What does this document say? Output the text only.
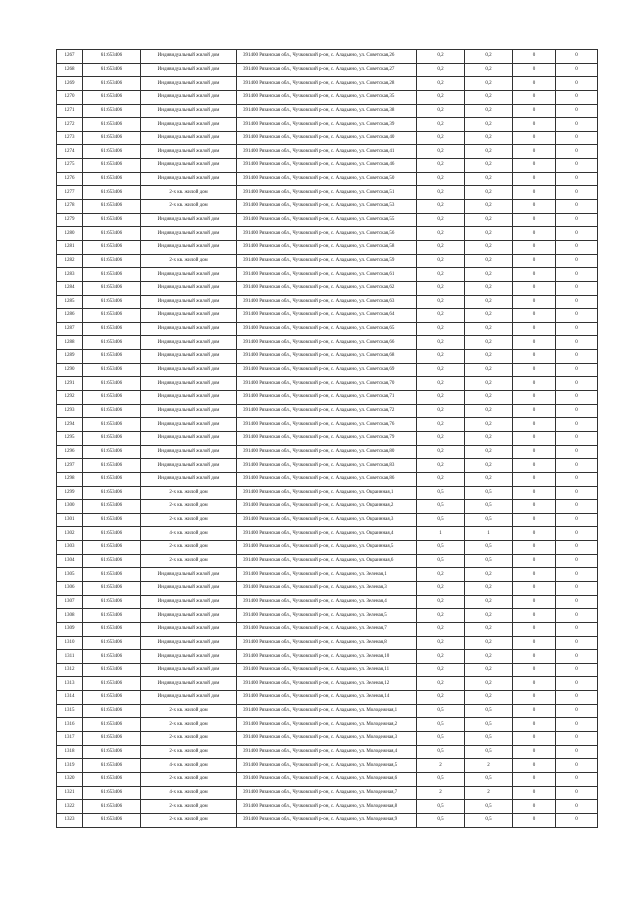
1267	61:653406	Индивидуальный жилой дом	391400 Рязанская обл., Чучковский р-он, с. Аладьино, ул. Советская,26	0,2	0,2	0	0
1268	61:653406	Индивидуальный жилой дом	391400 Рязанская обл., Чучковский р-он, с. Аладьино, ул. Советская,27	0,2	0,2	0	0
1269	61:653406	Индивидуальный жилой дом	391400 Рязанская обл., Чучковский р-он, с. Аладьино, ул. Советская,28	0,2	0,2	0	0
1270	61:653406	Индивидуальный жилой дом	391400 Рязанская обл., Чучковский р-он, с. Аладьино, ул. Советская,35	0,2	0,2	0	0
1271	61:653406	Индивидуальный жилой дом	391400 Рязанская обл., Чучковский р-он, с. Аладьино, ул. Советская,38	0,2	0,2	0	0
1272	61:653406	Индивидуальный жилой дом	391400 Рязанская обл., Чучковский р-он, с. Аладьино, ул. Советская,39	0,2	0,2	0	0
1273	61:653406	Индивидуальный жилой дом	391400 Рязанская обл., Чучковский р-он, с. Аладьино, ул. Советская,40	0,2	0,2	0	0
1274	61:653406	Индивидуальный жилой дом	391400 Рязанская обл., Чучковский р-он, с. Аладьино, ул. Советская,41	0,2	0,2	0	0
1275	61:653406	Индивидуальный жилой дом	391400 Рязанская обл., Чучковский р-он, с. Аладьино, ул. Советская,46	0,2	0,2	0	0
1276	61:653406	Индивидуальный жилой дом	391400 Рязанская обл., Чучковский р-он, с. Аладьино, ул. Советская,50	0,2	0,2	0	0
1277	61:653406	2-х кв. жилой дом	391400 Рязанская обл., Чучковский р-он, с. Аладьино, ул. Советская,51	0,2	0,2	0	0
1278	61:653406	2-х кв. жилой дом	391400 Рязанская обл., Чучковский р-он, с. Аладьино, ул. Советская,53	0,2	0,2	0	0
1279	61:653406	Индивидуальный жилой дом	391400 Рязанская обл., Чучковский р-он, с. Аладьино, ул. Советская,55	0,2	0,2	0	0
1280	61:653406	Индивидуальный жилой дом	391400 Рязанская обл., Чучковский р-он, с. Аладьино, ул. Советская,56	0,2	0,2	0	0
1281	61:653406	Индивидуальный жилой дом	391400 Рязанская обл., Чучковский р-он, с. Аладьино, ул. Советская,58	0,2	0,2	0	0
1282	61:653406	2-х кв. жилой дом	391400 Рязанская обл., Чучковский р-он, с. Аладьино, ул. Советская,59	0,2	0,2	0	0
1283	61:653406	Индивидуальный жилой дом	391400 Рязанская обл., Чучковский р-он, с. Аладьино, ул. Советская,61	0,2	0,2	0	0
1284	61:653406	Индивидуальный жилой дом	391400 Рязанская обл., Чучковский р-он, с. Аладьино, ул. Советская,62	0,2	0,2	0	0
1285	61:653406	Индивидуальный жилой дом	391400 Рязанская обл., Чучковский р-он, с. Аладьино, ул. Советская,63	0,2	0,2	0	0
1286	61:653406	Индивидуальный жилой дом	391400 Рязанская обл., Чучковский р-он, с. Аладьино, ул. Советская,64	0,2	0,2	0	0
1287	61:653406	Индивидуальный жилой дом	391400 Рязанская обл., Чучковский р-он, с. Аладьино, ул. Советская,65	0,2	0,2	0	0
1288	61:653406	Индивидуальный жилой дом	391400 Рязанская обл., Чучковский р-он, с. Аладьино, ул. Советская,66	0,2	0,2	0	0
1289	61:653406	Индивидуальный жилой дом	391400 Рязанская обл., Чучковский р-он, с. Аладьино, ул. Советская,68	0,2	0,2	0	0
1290	61:653406	Индивидуальный жилой дом	391400 Рязанская обл., Чучковский р-он, с. Аладьино, ул. Советская,69	0,2	0,2	0	0
1291	61:653406	Индивидуальный жилой дом	391400 Рязанская обл., Чучковский р-он, с. Аладьино, ул. Советская,70	0,2	0,2	0	0
1292	61:653406	Индивидуальный жилой дом	391400 Рязанская обл., Чучковский р-он, с. Аладьино, ул. Советская,71	0,2	0,2	0	0
1293	61:653406	Индивидуальный жилой дом	391400 Рязанская обл., Чучковский р-он, с. Аладьино, ул. Советская,72	0,2	0,2	0	0
1294	61:653406	Индивидуальный жилой дом	391400 Рязанская обл., Чучковский р-он, с. Аладьино, ул. Советская,76	0,2	0,2	0	0
1295	61:653406	Индивидуальный жилой дом	391400 Рязанская обл., Чучковский р-он, с. Аладьино, ул. Советская,79	0,2	0,2	0	0
1296	61:653406	Индивидуальный жилой дом	391400 Рязанская обл., Чучковский р-он, с. Аладьино, ул. Советская,80	0,2	0,2	0	0
1297	61:653406	Индивидуальный жилой дом	391400 Рязанская обл., Чучковский р-он, с. Аладьино, ул. Советская,83	0,2	0,2	0	0
1298	61:653406	Индивидуальный жилой дом	391400 Рязанская обл., Чучковский р-он, с. Аладьино, ул. Советская,86	0,2	0,2	0	0
1299	61:653406	2-х кв. жилой дом	391400 Рязанская обл., Чучковский р-он, с. Аладьино, ул. Окраинная,1	0,5	0,5	0	0
1300	61:653406	2-х кв. жилой дом	391400 Рязанская обл., Чучковский р-он, с. Аладьино, ул. Окраинная,2	0,5	0,5	0	0
1301	61:653406	2-х кв. жилой дом	391400 Рязанская обл., Чучковский р-он, с. Аладьино, ул. Окраинная,3	0,5	0,5	0	0
1302	61:653406	4-х кв. жилой дом	391400 Рязанская обл., Чучковский р-он, с. Аладьино, ул. Окраинная,4	1	1	0	0
1303	61:653406	2-х кв. жилой дом	391400 Рязанская обл., Чучковский р-он, с. Аладьино, ул. Окраинная,5	0,5	0,5	0	0
1304	61:653406	2-х кв. жилой дом	391400 Рязанская обл., Чучковский р-он, с. Аладьино, ул. Окраинная,6	0,5	0,5	0	0
1305	61:653406	Индивидуальный жилой дом	391400 Рязанская обл., Чучковский р-он, с. Аладьино, ул. Зеленая,1	0,2	0,2	0	0
1306	61:653406	Индивидуальный жилой дом	391400 Рязанская обл., Чучковский р-он, с. Аладьино, ул. Зеленая,3	0,2	0,2	0	0
1307	61:653406	Индивидуальный жилой дом	391400 Рязанская обл., Чучковский р-он, с. Аладьино, ул. Зеленая,4	0,2	0,2	0	0
1308	61:653406	Индивидуальный жилой дом	391400 Рязанская обл., Чучковский р-он, с. Аладьино, ул. Зеленая,5	0,2	0,2	0	0
1309	61:653406	Индивидуальный жилой дом	391400 Рязанская обл., Чучковский р-он, с. Аладьино, ул. Зеленая,7	0,2	0,2	0	0
1310	61:653406	Индивидуальный жилой дом	391400 Рязанская обл., Чучковский р-он, с. Аладьино, ул. Зеленая,8	0,2	0,2	0	0
1311	61:653406	Индивидуальный жилой дом	391400 Рязанская обл., Чучковский р-он, с. Аладьино, ул. Зеленая,10	0,2	0,2	0	0
1312	61:653406	Индивидуальный жилой дом	391400 Рязанская обл., Чучковский р-он, с. Аладьино, ул. Зеленая,11	0,2	0,2	0	0
1313	61:653406	Индивидуальный жилой дом	391400 Рязанская обл., Чучковский р-он, с. Аладьино, ул. Зеленая,12	0,2	0,2	0	0
1314	61:653406	Индивидуальный жилой дом	391400 Рязанская обл., Чучковский р-он, с. Аладьино, ул. Зеленая,14	0,2	0,2	0	0
1315	61:653406	2-х кв. жилой дом	391400 Рязанская обл., Чучковский р-он, с. Аладьино, ул. Молодежная,1	0,5	0,5	0	0
1316	61:653406	2-х кв. жилой дом	391400 Рязанская обл., Чучковский р-он, с. Аладьино, ул. Молодежная,2	0,5	0,5	0	0
1317	61:653406	2-х кв. жилой дом	391400 Рязанская обл., Чучковский р-он, с. Аладьино, ул. Молодежная,3	0,5	0,5	0	0
1318	61:653406	2-х кв. жилой дом	391400 Рязанская обл., Чучковский р-он, с. Аладьино, ул. Молодежная,4	0,5	0,5	0	0
1319	61:653406	4-х кв. жилой дом	391400 Рязанская обл., Чучковский р-он, с. Аладьино, ул. Молодежная,5	2	2	0	0
1320	61:653406	2-х кв. жилой дом	391400 Рязанская обл., Чучковский р-он, с. Аладьино, ул. Молодежная,6	0,5	0,5	0	0
1321	61:653406	4-х кв. жилой дом	391400 Рязанская обл., Чучковский р-он, с. Аладьино, ул. Молодежная,7	2	2	0	0
1322	61:653406	2-х кв. жилой дом	391400 Рязанская обл., Чучковский р-он, с. Аладьино, ул. Молодежная,8	0,5	0,5	0	0
1323	61:653406	2-х кв. жилой дом	391400 Рязанская обл., Чучковский р-он, с. Аладьино, ул. Молодежная,9	0,5	0,5	0	0
